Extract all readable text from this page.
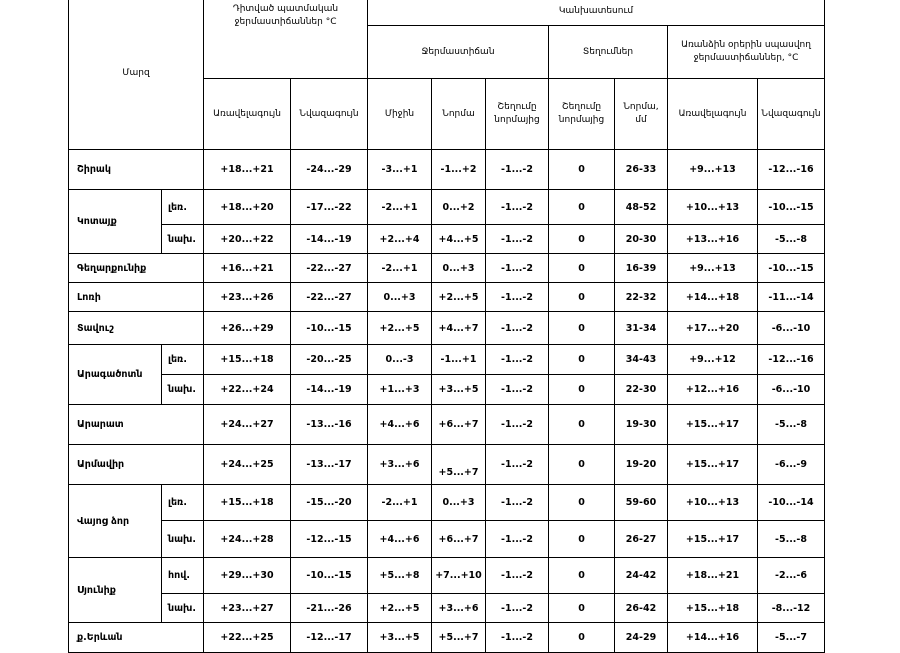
Մարզ		Դիտված պատմական ջերմաստիճաններ °C		Կանխատեսում						
				Ջերմաստիճան			Տեղումներ		Առանձին օրերին սպասվող ջերմաստիճաններ, °C	
		Առավելագույն	Նվազագույն	Միջին	Նորմա	Շեղումը նորմայից	Շեղումը նորմայից	Նորմա, մմ	Առավելագույն	Նվազագույն
Շիրակ		+18...+21	-24...-29	-3...+1	-1...+2	-1...-2	0	26-33	+9...+13	-12...-16
Կոտայք	լեռ.	+18...+20	-17...-22	-2...+1	0...+2	-1...-2	0	48-52	+10...+13	-10...-15
	նախ.	+20...+22	-14...-19	+2...+4	+4...+5	-1...-2	0	20-30	+13...+16	-5...-8
Գեղարքունիք		+16...+21	-22...-27	-2...+1	0...+3	-1...-2	0	16-39	+9...+13	-10...-15
Լոռի		+23...+26	-22...-27	0...+3	+2...+5	-1...-2	0	22-32	+14...+18	-11...-14
Տավուշ		+26...+29	-10...-15	+2...+5	+4...+7	-1...-2	0	31-34	+17...+20	-6...-10
Արագածոտն	լեռ.	+15...+18	-20...-25	0...-3	-1...+1	-1...-2	0	34-43	+9...+12	-12...-16
	նախ.	+22...+24	-14...-19	+1...+3	+3...+5	-1...-2	0	22-30	+12...+16	-6...-10
Արարատ		+24...+27	-13...-16	+4...+6	+6...+7	-1...-2	0	19-30	+15...+17	-5...-8
Արմավիր		+24...+25	-13...-17	+3...+6	+5...+7	-1...-2	0	19-20	+15...+17	-6...-9
Վայոց ձոր	լեռ.	+15...+18	-15...-20	-2...+1	0...+3	-1...-2	0	59-60	+10...+13	-10...-14
	նախ.	+24...+28	-12...-15	+4...+6	+6...+7	-1...-2	0	26-27	+15...+17	-5...-8
Սյունիք	հով.	+29...+30	-10...-15	+5...+8	+7...+10	-1...-2	0	24-42	+18...+21	-2...-6
	նախ.	+23...+27	-21...-26	+2...+5	+3...+6	-1...-2	0	26-42	+15...+18	-8...-12
ք.Երևան		+22...+25	-12...-17	+3...+5	+5...+7	-1...-2	0	24-29	+14...+16	-5...-7
